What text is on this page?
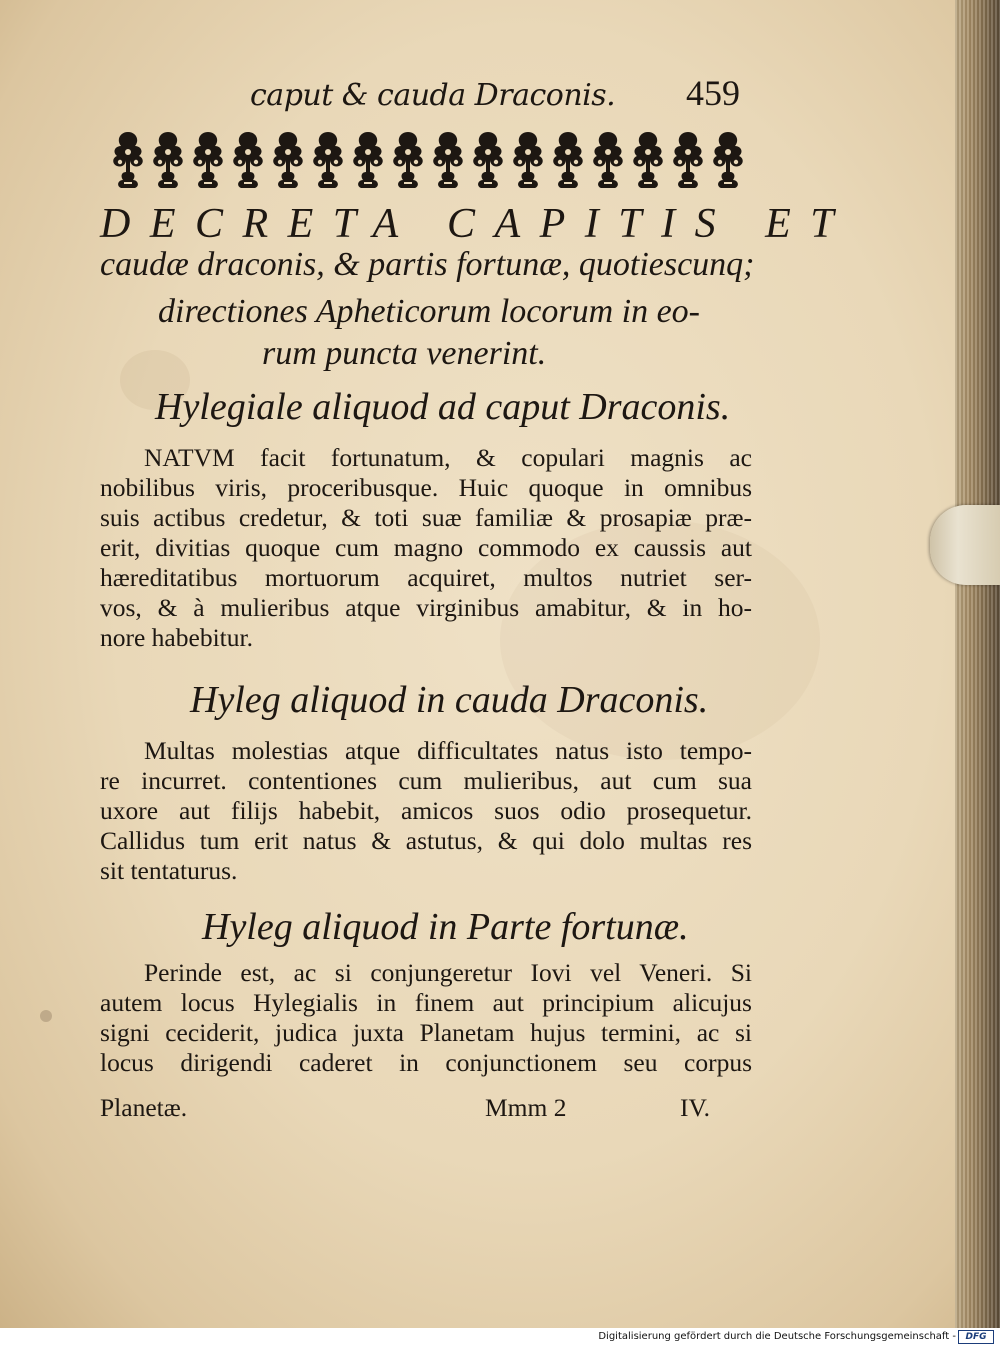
caput & cauda Draconis. 459
DECRETA CAPITIS ET
caudæ draconis, & partis fortunæ, quotiescunq;
directiones Apheticorum locorum in eo-
rum puncta venerint.
Hylegiale aliquod ad caput Draconis.
NATVM facit fortunatum, & copulari magnis ac
nobilibus viris, proceribusque. Huic quoque in omnibus
suis actibus credetur, & toti suæ familiæ & prosapiæ præ-
erit, divitias quoque cum magno commodo ex caussis aut
hæreditatibus mortuorum acquiret, multos nutriet ser-
vos, & à mulieribus atque virginibus amabitur, & in ho-
nore habebitur.
Hyleg aliquod in cauda Draconis.
Multas molestias atque difficultates natus isto tempo-
re incurret. contentiones cum mulieribus, aut cum sua
uxore aut filijs habebit, amicos suos odio prosequetur.
Callidus tum erit natus & astutus, & qui dolo multas res
sit tentaturus.
Hyleg aliquod in Parte fortunæ.
Perinde est, ac si conjungeretur Iovi vel Veneri. Si
autem locus Hylegialis in finem aut principium alicujus
signi ceciderit, judica juxta Planetam hujus termini, ac si
locus dirigendi caderet in conjunctionem seu corpus
Planetæ.	Mmm 2	IV.
Digitalisierung gefördert durch die Deutsche Forschungsgemeinschaft -	DFG
